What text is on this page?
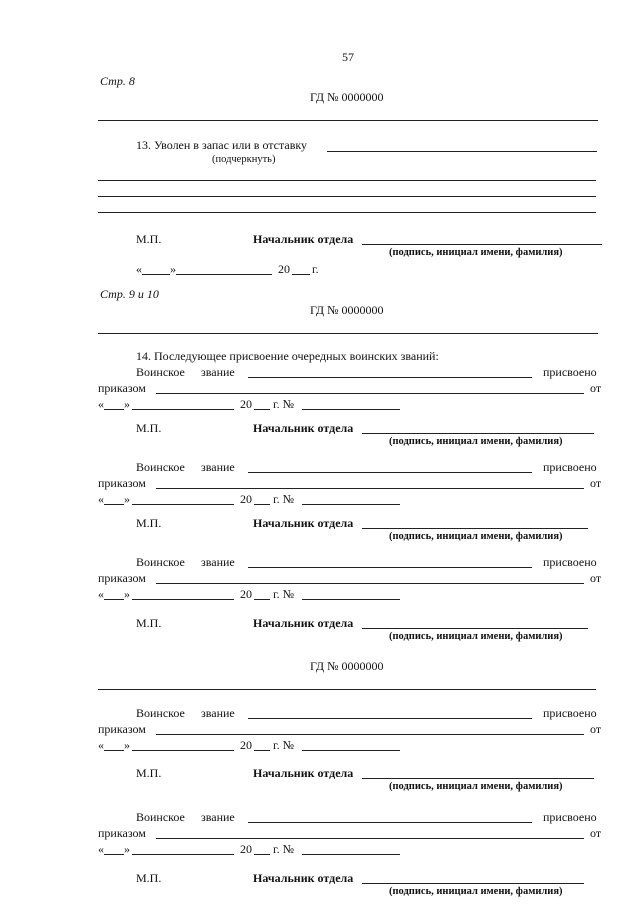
57
Стр. 8
ГД № 0000000
13. Уволен в запас или в отставку
(подчеркнуть)
М.П.	Начальник отдела
(подпись, инициал имени, фамилия)
« »	20 г.
Стр. 9 и 10
ГД № 0000000
14. Последующее присвоение очередных воинских званий:
Воинское звание	присвоено
приказом	от
« »	20 г. №
М.П.	Начальник отдела
(подпись, инициал имени, фамилия)
Воинское звание	присвоено
приказом	от
« »	20 г. №
М.П.	Начальник отдела
(подпись, инициал имени, фамилия)
Воинское звание	присвоено
приказом	от
« »	20 г. №
М.П.	Начальник отдела
(подпись, инициал имени, фамилия)
ГД № 0000000
Воинское звание	присвоено
приказом	от
« »	20 г. №
М.П.	Начальник отдела
(подпись, инициал имени, фамилия)
Воинское звание	присвоено
приказом	от
« »	20 г. №
М.П.	Начальник отдела
(подпись, инициал имени, фамилия)
